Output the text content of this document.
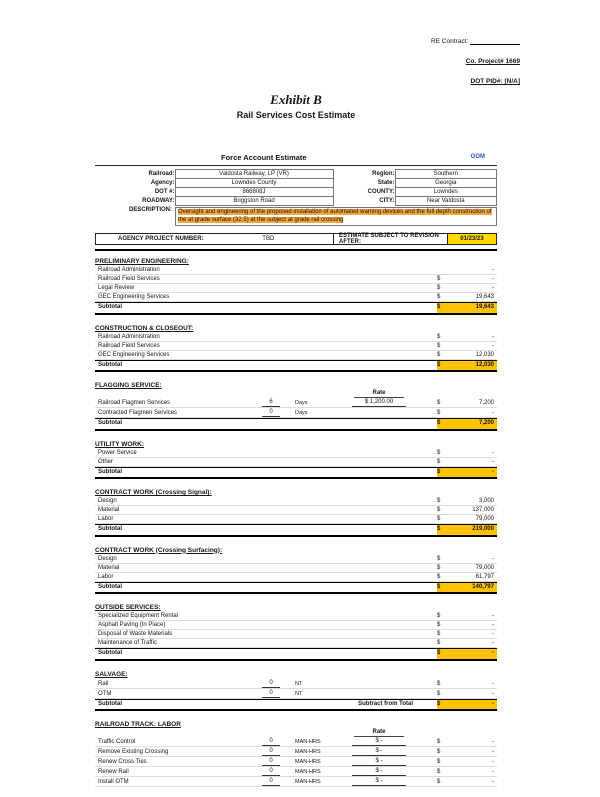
RE Contract:
Co. Project# 1669
DOT PID#: [N/A]
Exhibit B
Rail Services Cost Estimate
Force Account Estimate	OOM
Railroad:	Valdosta Railway, LP (VR)		Region:	Southern
Agency:	Lowndes County		State:	Georgia
DOT #:	866808J		COUNTY:	Lowndes
ROADWAY:	Briggston Road		CITY:	Near Valdosta
DESCRIPTION:	Oversight and engineering of the proposed installation of automated warning devices and the full depth construction of the at grade surface (32.5) at the subject at grade rail crossing
AGENCY PROJECT NUMBER:	TBD	ESTIMATE SUBJECT TO REVISION AFTER:	01/23/23
PRELIMINARY ENGINEERING:
Railroad Administration	-
Railroad Field Services	$	-
Legal Review	$	-
GEC Engineering Services	$	19,643
Subtotal	$	19,643
CONSTRUCTION & CLOSEOUT:
Railroad Administration	$	-
Railroad Field Services	$	-
GEC Engineering Services	$	12,030
Subtotal	$	12,030
FLAGGING SERVICE:
Rate
Railroad Flagmen Services	6	Days	$ 1,200.00	$	7,200
Contracted Flagmen Services	0	Days	$	-
Subtotal	$	7,200
UTILITY WORK:
Power Service	$	-
Other	$	-
Subtotal	$	-
CONTRACT WORK (Crossing Signal):
Design	$	3,000
Material	$	137,000
Labor	$	79,000
Subtotal	$	219,000
CONTRACT WORK (Crossing Surfacing):
Design	$	-
Material	$	79,000
Labor	$	61,797
Subtotal	$	140,797
OUTSIDE SERVICES:
Specialized Equipment Rental	$	-
Asphalt Paving (In Place)	$	-
Disposal of Waste Materials	$	-
Maintenance of Traffic	$	-
Subtotal	$	-
SALVAGE:
Rail	0	NT	$	-
OTM	0	NT	$	-
Subtotal	Subtract from Total	$	-
RAILROAD TRACK: LABOR
Rate
Traffic Control	0	MAN-HRS	$ -	$	-
Remove Existing Crossing	0	MAN-HRS	$ -	$	-
Renew Cross Ties	0	MAN-HRS	$ -	$	-
Renew Rail	0	MAN-HRS	$ -	$	-
Install OTM	0	MAN-HRS	$ -	$	-
